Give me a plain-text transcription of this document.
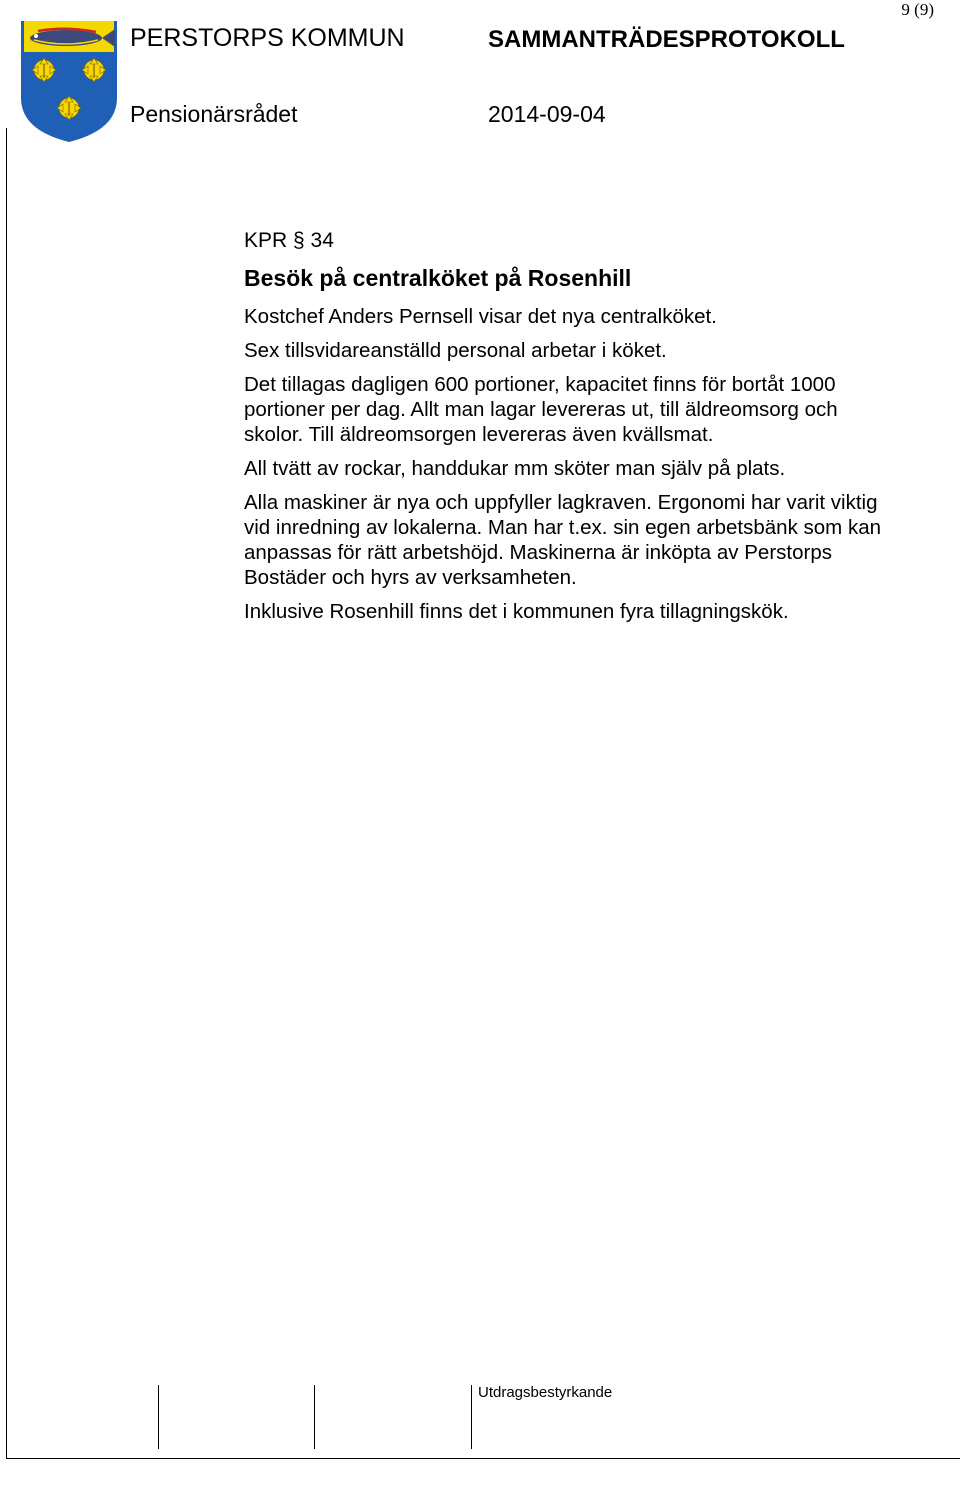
9 (9)
PERSTORPS KOMMUN	SAMMANTRÄDESPROTOKOLL
Pensionärsrådet	2014-09-04
KPR § 34
Besök på centralköket på Rosenhill

Kostchef Anders Pernsell visar det nya centralköket.

Sex tillsvidareanställd personal arbetar i köket.

Det tillagas dagligen 600 portioner, kapacitet finns för bortåt 1000 portioner per dag. Allt man lagar levereras ut, till äldreomsorg och skolor. Till äldreomsorgen levereras även kvällsmat.

All tvätt av rockar, handdukar mm sköter man själv på plats.

Alla maskiner är nya och uppfyller lagkraven. Ergonomi har varit viktig vid inredning av lokalerna. Man har t.ex. sin egen arbetsbänk som kan anpassas för rätt arbetshöjd. Maskinerna är inköpta av Perstorps Bostäder och hyrs av verksamheten.

Inklusive Rosenhill finns det i kommunen fyra tillagningskök.

Utdragsbestyrkande
